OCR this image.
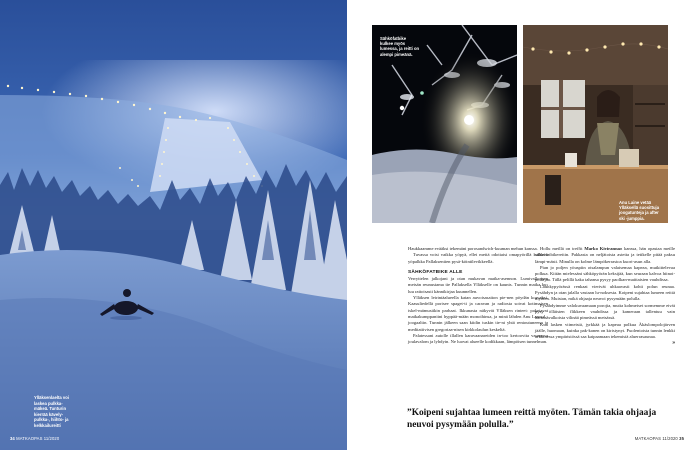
Ylläksenlaelta voi laskea pulkka-mäkeä. Tunturin kierrää kävely-pulkka-, hiihto- ja kelkkailureitti
34 MATKAOPAS 11/2020
Sähköfatbike kulkee myös lumessa, ja reitti on alempi pimeänä.
Anu Laine vetää Ylläksellä suosittuja joogatunteja ja after ski -jumppia.

Haukkaamme evääksi tekemäni porosandwich-kuuman mehun kanssa.

Tuvassa voisi vaikka yöpyä, ellei meitä odottaisi omapyörillä kulkeva yöpalkka Pallaksentien pysä-köintilevikkeellä.

SÄHKÖFATBIKE ALLE

Verryttelen jalkojani ja otan mukavan matka-asennon. Lumivalkoisen metsän reunustama tie Pallaksella Ylläkselle on kaunis. Tunnin matka ku-luu rattoisasti kännikirjaa kuunnellen.

Ylläksen leirintäalueella katan auvoisasaiton pie-nen pöydän korvaksi. Kaasuliedellä porisee spaget-ti ja caravan ja radiosta soivat kotimaisen iskel-mämusiikin parhaat. Ikkunasta näkyvät Ylläksen rinteet: paketavat matkakumppanitni hyppää-mään monoihinsa, ja minä lähden Anu Lanord -joogaaltin. Tunnin jälkeen saan kiidin tuskin tie-ni yhtä rentoutuneena ja meditatiivisen gregoriaa-nisen kirkkolaulun keskeltä.

Palatessani autolle illallen karavaanareiden in-too kertoovita vaunussa joulavalom ja lyhdyin. Ne luovat alueelle kodikkaan, lämpöisen tunnelman.

Hollu meillä on treffit Marko Kivirannan kanssa, hän opastaa meille sähköfatbikereitin. Pakkasta on neljätoista astetta ja tetikelle pitää paksu lämpi-mästi. Minulla on kolme lämpökerrastoa kuori-asun alla.

Pian jo poljen yöuspiin otsalampun valaisemaa kapeaa, mutkittelevaa polkua. Kiitän mielessäni sähköpyörän keksijää, kun seuraan kalvoa hiinoi-polkijaa. Tällä pelillä kaka tahansa pysyy paolkan-maittaisien vauhdissa.

Lauhkypyörässä renkaat vierivät uhkaavasti kohti polun reunaa. Pysähdyn ja otan jalalla vastaan lu-noksesta. Koipeni sujahtaa lumeen reittä myöten. Muistan, mikä ohjaaja neuvoi pysymään polulla.

Pysähdyimme valokuvaamaan porojia, mutta kohmeiset sormemme eivät pysy ölläisten flikkeen vauhdissa ja kameraan tallentuu vain harmaavalkoista vilinää pimeässä metsässä.

Kun lasken viimeistä, jyrkkää ja kapeaa polkua Äkäslompolojärven jäälle, huomaan, kuinka pak-kanen on kiristynyt. Puolentoista tunnin lenkki arkkinessa ympäristössä saa kaipaamaan tekemistä aluerrasaunaa.

»
”Koipeni sujahtaa lumeen reittä myöten. Tämän takia ohjaaja neuvoi pysymään polulla.”
MATKAOPAS 11/2020 35
